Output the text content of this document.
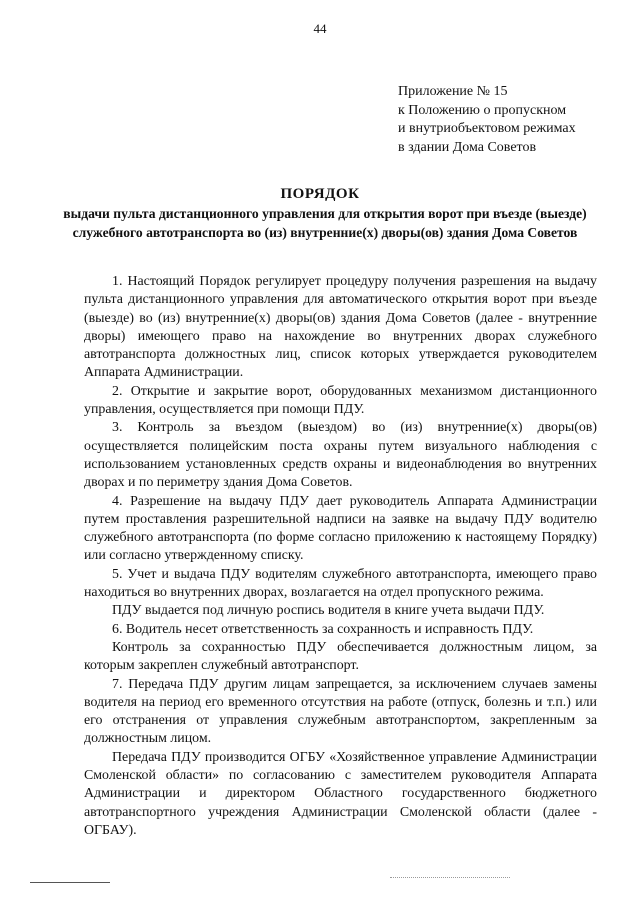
44
Приложение № 15
к Положению о пропускном
и внутриобъектовом режимах
в здании Дома Советов
ПОРЯДОК
выдачи пульта дистанционного управления для открытия ворот при въезде (выезде) служебного автотранспорта во (из) внутренние(х) дворы(ов) здания Дома Советов

1. Настоящий Порядок регулирует процедуру получения разрешения на выдачу пульта дистанционного управления для автоматического открытия ворот при въезде (выезде) во (из) внутренние(х) дворы(ов) здания Дома Советов (далее - внутренние дворы) имеющего право на нахождение во внутренних дворах служебного автотранспорта должностных лиц, список которых утверждается руководителем Аппарата Администрации.

2. Открытие и закрытие ворот, оборудованных механизмом дистанционного управления, осуществляется при помощи ПДУ.

3. Контроль за въездом (выездом) во (из) внутренние(х) дворы(ов) осуществляется полицейским поста охраны путем визуального наблюдения с использованием установленных средств охраны и видеонаблюдения во внутренних дворах и по периметру здания Дома Советов.

4. Разрешение на выдачу ПДУ дает руководитель Аппарата Администрации путем проставления разрешительной надписи на заявке на выдачу ПДУ водителю служебного автотранспорта (по форме согласно приложению к настоящему Порядку) или согласно утвержденному списку.

5. Учет и выдача ПДУ водителям служебного автотранспорта, имеющего право находиться во внутренних дворах, возлагается на отдел пропускного режима.

ПДУ выдается под личную роспись водителя в книге учета выдачи ПДУ.

6. Водитель несет ответственность за сохранность и исправность ПДУ.

Контроль за сохранностью ПДУ обеспечивается должностным лицом, за которым закреплен служебный автотранспорт.

7. Передача ПДУ другим лицам запрещается, за исключением случаев замены водителя на период его временного отсутствия на работе (отпуск, болезнь и т.п.) или его отстранения от управления служебным автотранспортом, закрепленным за должностным лицом.

Передача ПДУ производится ОГБУ «Хозяйственное управление Администрации Смоленской области» по согласованию с заместителем руководителя Аппарата Администрации и директором Областного государственного бюджетного автотранспортного учреждения Администрации Смоленской области (далее - ОГБАУ).
